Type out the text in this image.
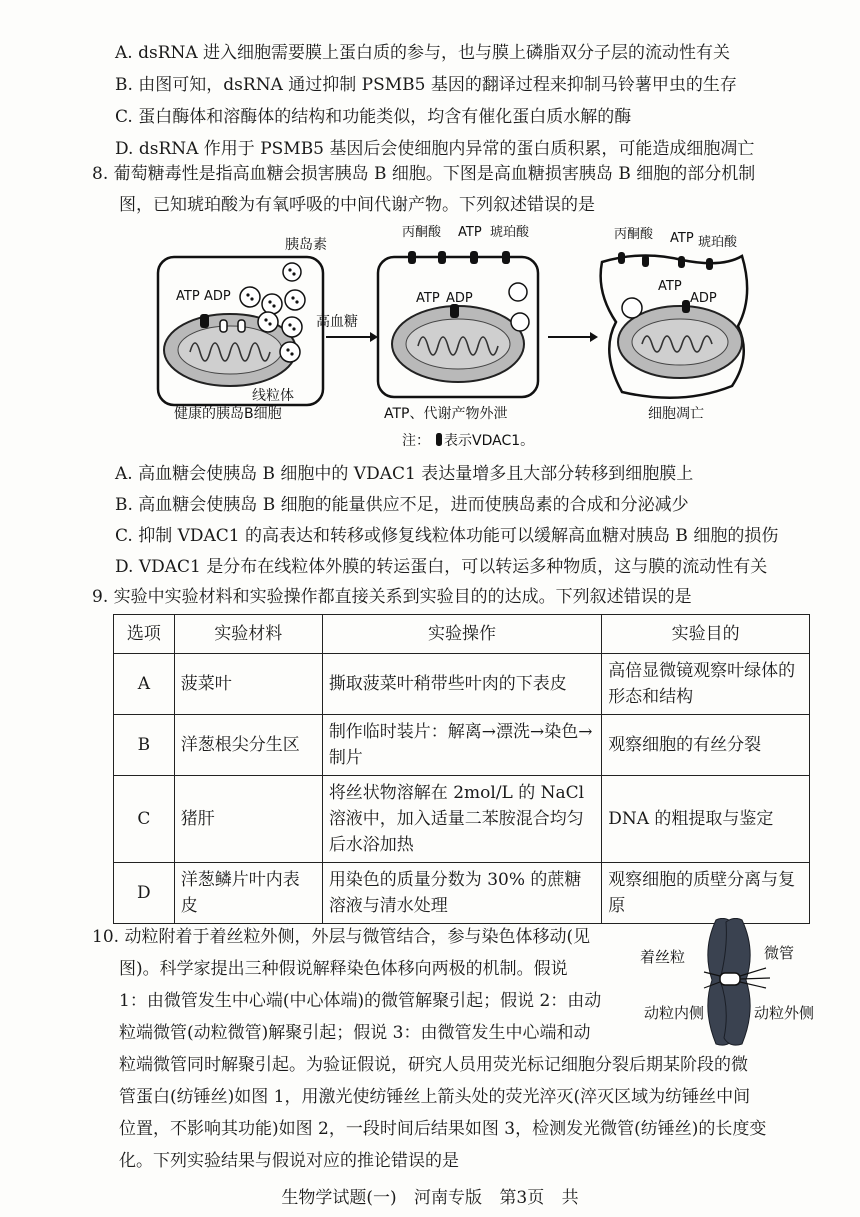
A. dsRNA 进入细胞需要膜上蛋白质的参与，也与膜上磷脂双分子层的流动性有关
B. 由图可知，dsRNA 通过抑制 PSMB5 基因的翻译过程来抑制马铃薯甲虫的生存
C. 蛋白酶体和溶酶体的结构和功能类似，均含有催化蛋白质水解的酶
D. dsRNA 作用于 PSMB5 基因后会使细胞内异常的蛋白质积累，可能造成细胞凋亡
8. 葡萄糖毒性是指高血糖会损害胰岛 B 细胞。下图是高血糖损害胰岛 B 细胞的部分机制
图，已知琥珀酸为有氧呼吸的中间代谢产物。下列叙述错误的是
胰岛素
ATP ADP
线粒体
健康的胰岛B细胞
高血糖
丙酮酸 ATP 琥珀酸
ATP ADP
ATP、代谢产物外泄
丙酮酸 ATP 琥珀酸
ATP
ADP
细胞凋亡
注： 表示VDAC1。
A. 高血糖会使胰岛 B 细胞中的 VDAC1 表达量增多且大部分转移到细胞膜上
B. 高血糖会使胰岛 B 细胞的能量供应不足，进而使胰岛素的合成和分泌减少
C. 抑制 VDAC1 的高表达和转移或修复线粒体功能可以缓解高血糖对胰岛 B 细胞的损伤
D. VDAC1 是分布在线粒体外膜的转运蛋白，可以转运多种物质，这与膜的流动性有关
9. 实验中实验材料和实验操作都直接关系到实验目的的达成。下列叙述错误的是
选项	实验材料	实验操作	实验目的
A	菠菜叶	撕取菠菜叶稍带些叶肉的下表皮	高倍显微镜观察叶绿体的形态和结构
B	洋葱根尖分生区	制作临时装片：解离→漂洗→染色→制片	观察细胞的有丝分裂
C	猪肝	将丝状物溶解在 2mol/L 的 NaCl 溶液中，加入适量二苯胺混合均匀后水浴加热	DNA 的粗提取与鉴定
D	洋葱鳞片叶内表皮	用染色的质量分数为 30% 的蔗糖溶液与清水处理	观察细胞的质壁分离与复原
10. 动粒附着于着丝粒外侧，外层与微管结合，参与染色体移动(见
图)。科学家提出三种假说解释染色体移向两极的机制。假说
1：由微管发生中心端(中心体端)的微管解聚引起；假说 2：由动
粒端微管(动粒微管)解聚引起；假说 3：由微管发生中心端和动
粒端微管同时解聚引起。为验证假说，研究人员用荧光标记细胞分裂后期某阶段的微
管蛋白(纺锤丝)如图 1，用激光使纺锤丝上箭头处的荧光淬灭(淬灭区域为纺锤丝中间
位置，不影响其功能)如图 2，一段时间后结果如图 3，检测发光微管(纺锤丝)的长度变
化。下列实验结果与假说对应的推论错误的是
着丝粒	微管
动粒内侧	动粒外侧
生物学试题(一) 河南专版 第3页 共
